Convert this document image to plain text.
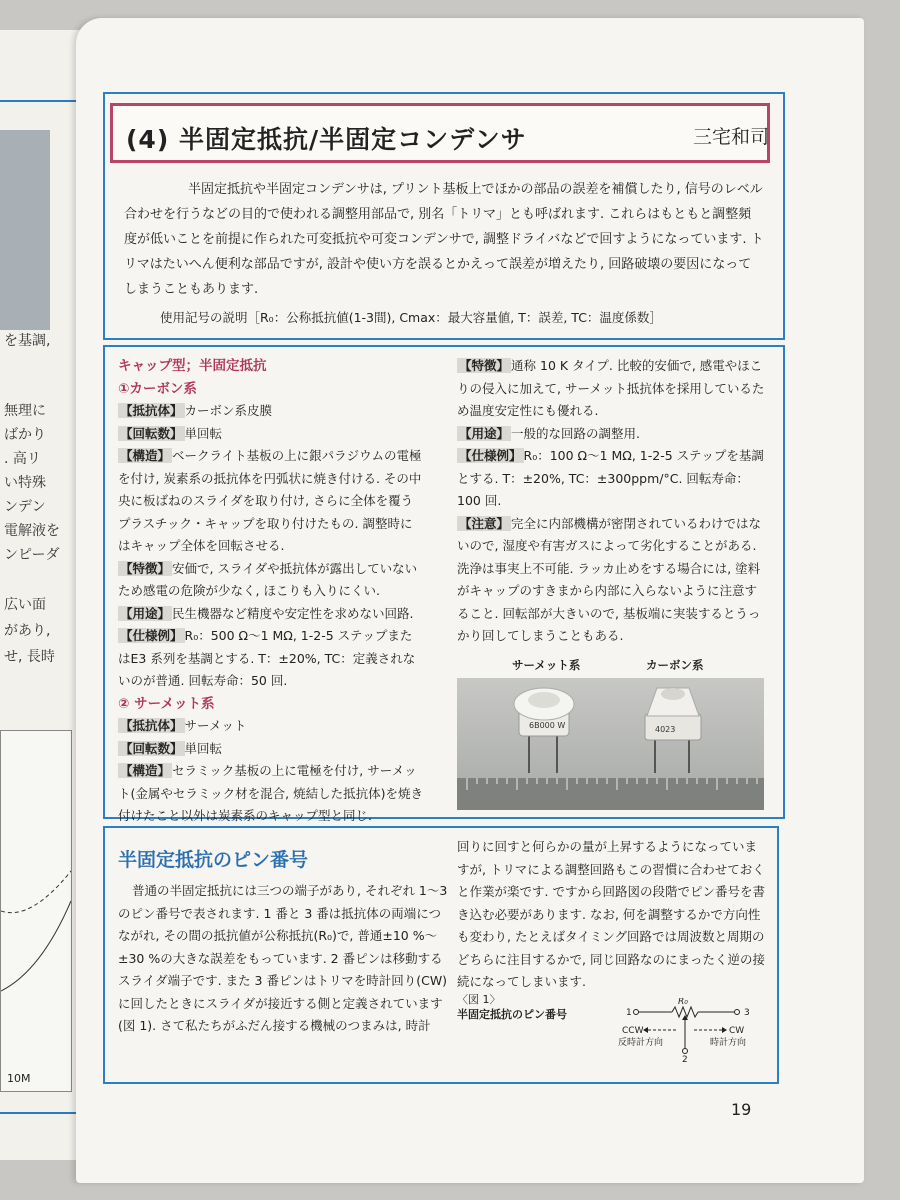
10M
を基調,
無理に
ばかり
. 高リ
い特殊
ンデン
電解液を
ンピーダ
広い面
があり,
せ, 長時
(4) 半固定抵抗/半固定コンデンサ	三宅和司

半固定抵抗や半固定コンデンサは, プリント基板上でほかの部品の誤差を補償したり, 信号のレベル合わせを行うなどの目的で使われる調整用部品で, 別名「トリマ」とも呼ばれます. これらはもともと調整頻度が低いことを前提に作られた可変抵抗や可変コンデンサで, 調整ドライバなどで回すようになっています. トリマはたいへん便利な部品ですが, 設計や使い方を誤るとかえって誤差が増えたり, 回路破壊の要因になってしまうこともあります.

使用記号の説明［R₀：公称抵抗値(1-3間), Cmax：最大容量値, T：誤差, TC：温度係数］

キャップ型；半固定抵抗

①カーボン系

【抵抗体】 カーボン系皮膜

【回転数】 単回転

【構造】 ベークライト基板の上に銀パラジウムの電極を付け, 炭素系の抵抗体を円弧状に焼き付ける. その中央に板ばねのスライダを取り付け, さらに全体を覆うプラスチック・キャップを取り付けたもの. 調整時にはキャップ全体を回転させる.

【特徴】 安価で, スライダや抵抗体が露出していないため感電の危険が少なく, ほこりも入りにくい.

【用途】 民生機器など精度や安定性を求めない回路.

【仕様例】 R₀：500 Ω～1 MΩ, 1-2-5 ステップまたはE3 系列を基調とする. T：±20%, TC：定義されないのが普通. 回転寿命：50 回.

② サーメット系

【抵抗体】 サーメット

【回転数】 単回転

【構造】 セラミック基板の上に電極を付け, サーメット(金属やセラミック材を混合, 焼結した抵抗体)を焼き付けたこと以外は炭素系のキャップ型と同じ.

【特徴】 通称 10 K タイプ. 比較的安価で, 感電やほこりの侵入に加えて, サーメット抵抗体を採用しているため温度安定性にも優れる.

【用途】 一般的な回路の調整用.

【仕様例】 R₀：100 Ω～1 MΩ, 1-2-5 ステップを基調とする. T：±20%, TC：±300ppm/°C. 回転寿命：100 回.

【注意】 完全に内部機構が密閉されているわけではないので, 湿度や有害ガスによって劣化することがある. 洗浄は事実上不可能. ラッカ止めをする場合には, 塗料がキャップのすきまから内部に入らないように注意すること. 回転部が大きいので, 基板端に実装するとうっかり回してしまうこともある.

サーメット系	カーボン系
6B000 W	4023
半固定抵抗のピン番号

普通の半固定抵抗には三つの端子があり, それぞれ 1～3 のピン番号で表されます. 1 番と 3 番は抵抗体の両端につながれ, その間の抵抗値が公称抵抗(R₀)で, 普通±10 %～±30 %の大きな誤差をもっています. 2 番ピンは移動するスライダ端子です. また 3 番ピンはトリマを時計回り(CW)に回したときにスライダが接近する側と定義されています(図 1). さて私たちがふだん接する機械のつまみは, 時計

回りに回すと何らかの量が上昇するようになっていますが, トリマによる調整回路もこの習慣に合わせておくと作業が楽です. ですから回路図の段階でピン番号を書き込む必要があります. なお, 何を調整するかで方向性も変わり, たとえばタイミング回路では周波数と周期のどちらに注目するかで, 同じ回路なのにまったく逆の接続になってしまいます.

〈図 1〉
半固定抵抗のピン番号	1	3
R₀
2
CCW
反時計方向
CW
時計方向
19
